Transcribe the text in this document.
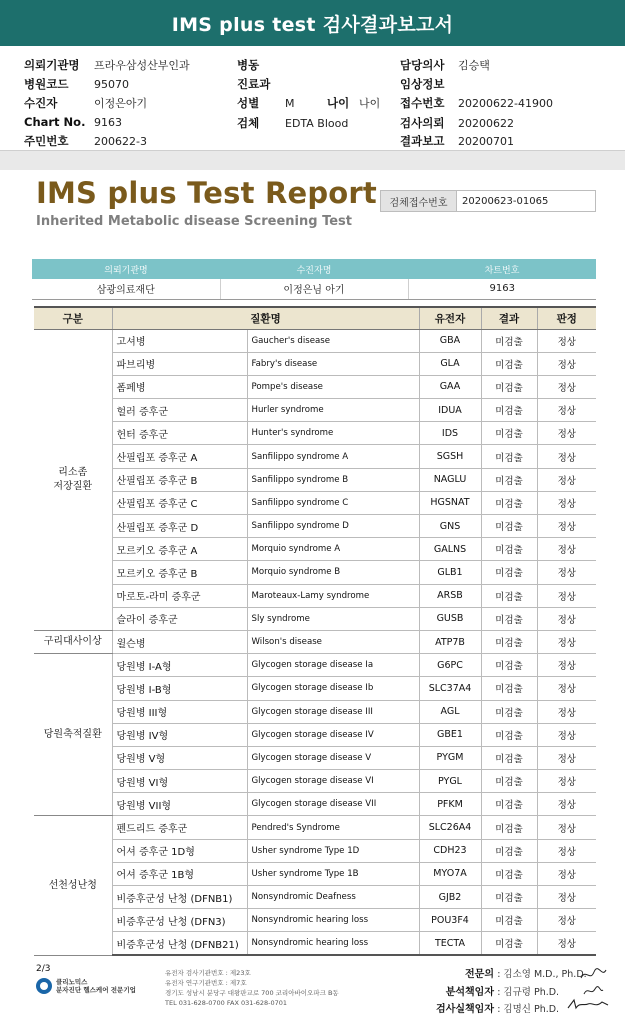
IMS plus test 검사결과보고서
의뢰기관명 프라우삼성산부인과
병원코드 95070
수진자	이정은아기
Chart No. 9163
주민번호 200622-3
병동
진료과
성별 M	나이 나이
검체 EDTA Blood
담당의사 김승택
임상정보
접수번호 20200622-41900
검사의뢰 20200622
결과보고 20200701
IMS plus Test Report
Inherited Metabolic disease Screening Test
검체접수번호	20200623-01065
의뢰기관명	수진자명	차트번호
삼광의료재단	이정은님 아기	9163
구분	질환명		유전자	결과	판정
리소좀
저장질환	고셔병	Gaucher's disease	GBA	미검출	정상
	파브리병	Fabry's disease	GLA	미검출	정상
	폼페병	Pompe's disease	GAA	미검출	정상
	헐러 증후군	Hurler syndrome	IDUA	미검출	정상
	헌터 증후군	Hunter's syndrome	IDS	미검출	정상
	산필립포 증후군 A	Sanfilippo syndrome A	SGSH	미검출	정상
	산필립포 증후군 B	Sanfilippo syndrome B	NAGLU	미검출	정상
	산필립포 증후군 C	Sanfilippo syndrome C	HGSNAT	미검출	정상
	산필립포 증후군 D	Sanfilippo syndrome D	GNS	미검출	정상
	모르키오 증후군 A	Morquio syndrome A	GALNS	미검출	정상
	모르키오 증후군 B	Morquio syndrome B	GLB1	미검출	정상
	마로토-라미 증후군	Maroteaux-Lamy syndrome	ARSB	미검출	정상
	슬라이 증후군	Sly syndrome	GUSB	미검출	정상
구리대사이상	윌슨병	Wilson's disease	ATP7B	미검출	정상
당원축적질환	당원병 I-A형	Glycogen storage disease Ia	G6PC	미검출	정상
	당원병 I-B형	Glycogen storage disease Ib	SLC37A4	미검출	정상
	당원병 III형	Glycogen storage disease III	AGL	미검출	정상
	당원병 IV형	Glycogen storage disease IV	GBE1	미검출	정상
	당원병 V형	Glycogen storage disease V	PYGM	미검출	정상
	당원병 VI형	Glycogen storage disease VI	PYGL	미검출	정상
	당원병 VII형	Glycogen storage disease VII	PFKM	미검출	정상
선천성난청	펜드리드 증후군	Pendred's Syndrome	SLC26A4	미검출	정상
	어셔 증후군 1D형	Usher syndrome Type 1D	CDH23	미검출	정상
	어셔 증후군 1B형	Usher syndrome Type 1B	MYO7A	미검출	정상
	비증후군성 난청 (DFNB1)	Nonsyndromic Deafness	GJB2	미검출	정상
	비증후군성 난청 (DFN3)	Nonsyndromic hearing loss	POU3F4	미검출	정상
	비증후군성 난청 (DFNB21)	Nonsyndromic hearing loss	TECTA	미검출	정상
2/3
클리노믹스
분자진단 헬스케어 전문기업
유전자 검사기관번호 : 제23호
유전자 연구기관번호 : 제7호
경기도 성남시 분당구 대왕판교로 700 코리아바이오파크 B동
TEL 031-628-0700 FAX 031-628-0701
전문의 : 김소영 M.D., Ph.D.
분석책임자 : 김규령 Ph.D.
검사실책임자 : 김명신 Ph.D.
